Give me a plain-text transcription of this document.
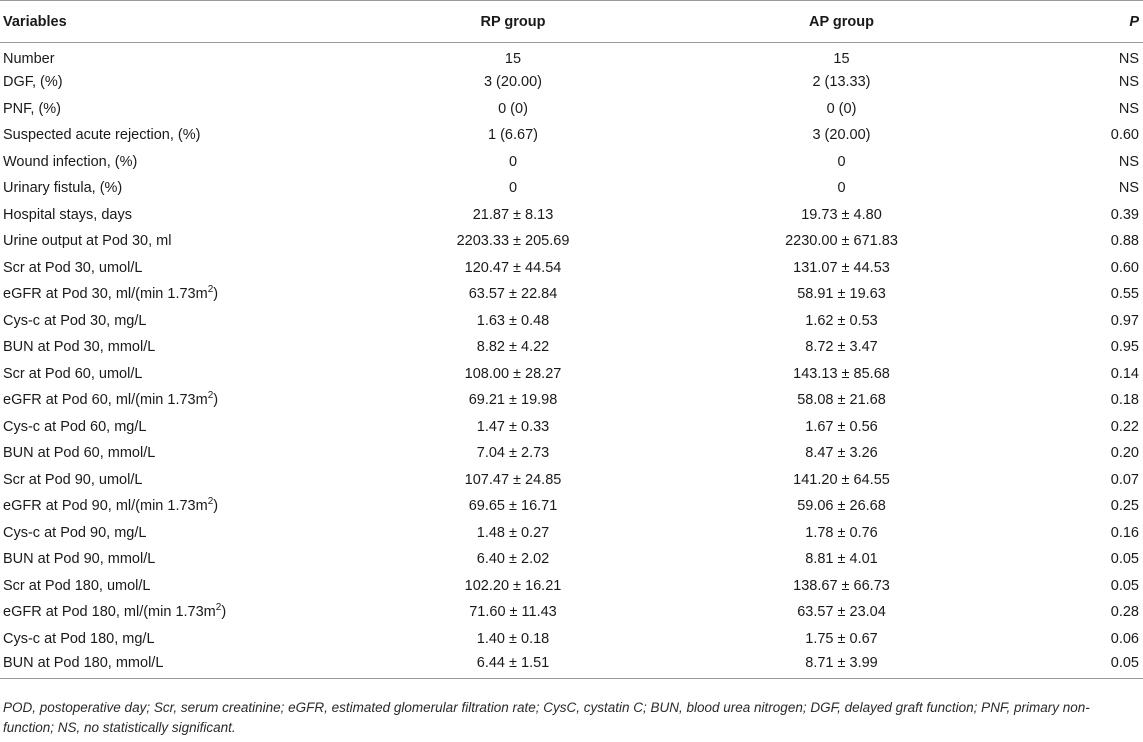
Variables	RP group	AP group	P
Number	15	15	NS
DGF, (%)	3 (20.00)	2 (13.33)	NS
PNF, (%)	0 (0)	0 (0)	NS
Suspected acute rejection, (%)	1 (6.67)	3 (20.00)	0.60
Wound infection, (%)	0	0	NS
Urinary fistula, (%)	0	0	NS
Hospital stays, days	21.87 ± 8.13	19.73 ± 4.80	0.39
Urine output at Pod 30, ml	2203.33 ± 205.69	2230.00 ± 671.83	0.88
Scr at Pod 30, umol/L	120.47 ± 44.54	131.07 ± 44.53	0.60
eGFR at Pod 30, ml/(min $1.73m^2$)	63.57 ± 22.84	58.91 ± 19.63	0.55
Cys-c at Pod 30, mg/L	1.63 ± 0.48	1.62 ± 0.53	0.97
BUN at Pod 30, mmol/L	8.82 ± 4.22	8.72 ± 3.47	0.95
Scr at Pod 60, umol/L	108.00 ± 28.27	143.13 ± 85.68	0.14
eGFR at Pod 60, ml/(min $1.73m^2$)	69.21 ± 19.98	58.08 ± 21.68	0.18
Cys-c at Pod 60, mg/L	1.47 ± 0.33	1.67 ± 0.56	0.22
BUN at Pod 60, mmol/L	7.04 ± 2.73	8.47 ± 3.26	0.20
Scr at Pod 90, umol/L	107.47 ± 24.85	141.20 ± 64.55	0.07
eGFR at Pod 90, ml/(min $1.73m^2$)	69.65 ± 16.71	59.06 ± 26.68	0.25
Cys-c at Pod 90, mg/L	1.48 ± 0.27	1.78 ± 0.76	0.16
BUN at Pod 90, mmol/L	6.40 ± 2.02	8.81 ± 4.01	0.05
Scr at Pod 180, umol/L	102.20 ± 16.21	138.67 ± 66.73	0.05
eGFR at Pod 180, ml/(min $1.73m^2$)	71.60 ± 11.43	63.57 ± 23.04	0.28
Cys-c at Pod 180, mg/L	1.40 ± 0.18	1.75 ± 0.67	0.06
BUN at Pod 180, mmol/L	6.44 ± 1.51	8.71 ± 3.99	0.05
POD, postoperative day; Scr, serum creatinine; eGFR, estimated glomerular filtration rate; CysC, cystatin C; BUN, blood urea nitrogen; DGF, delayed graft function; PNF, primary non-function; NS, no statistically significant.
